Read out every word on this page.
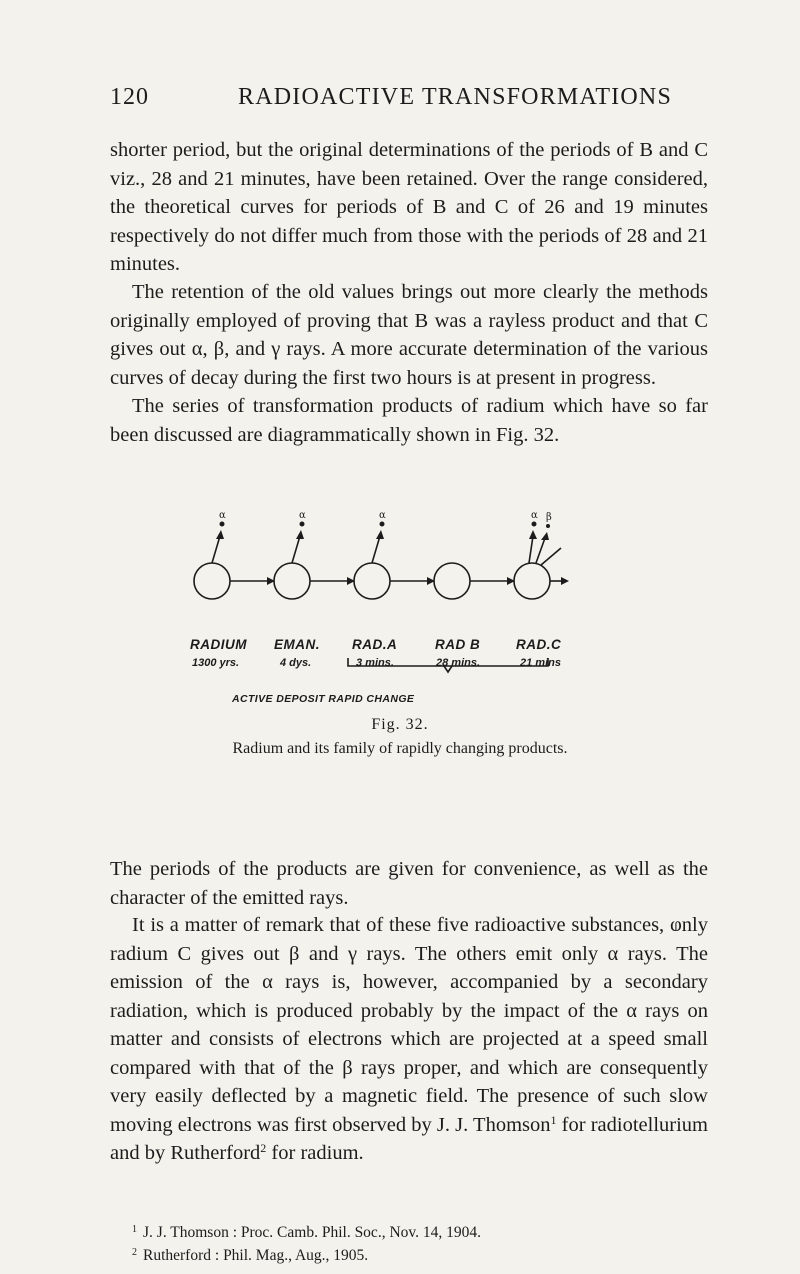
120	RADIOACTIVE TRANSFORMATIONS

shorter period, but the original determinations of the periods of B and C viz., 28 and 21 minutes, have been retained. Over the range considered, the theoretical curves for periods of B and C of 26 and 19 minutes respectively do not differ much from those with the periods of 28 and 21 minutes.

The retention of the old values brings out more clearly the methods originally employed of proving that B was a rayless product and that C gives out α, β, and γ rays. A more accurate determination of the various curves of decay during the first two hours is at present in progress.

The series of transformation products of radium which have so far been discussed are diagrammatically shown in Fig. 32.

α	α	α	α β
RADIUM EMAN. RAD.A	RAD B	RAD.C
1300 yrs.	4 dys.	3 mins.	28 mins.	21 mins
ACTIVE DEPOSIT RAPID CHANGE
Fig. 32.
Radium and its family of rapidly changing products.

The periods of the products are given for convenience, as well as the character of the emitted rays.

It is a matter of remark that of these five radioactive substances, ⱷnly radium C gives out β and γ rays. The others emit only α rays. The emission of the α rays is, however, accompanied by a secondary radiation, which is produced probably by the impact of the α rays on matter and consists of electrons which are projected at a speed small compared with that of the β rays proper, and which are consequently very easily deflected by a magnetic field. The presence of such slow moving electrons was first observed by J. J. Thomson$^1$ for radiotellurium and by Rutherford$^2$ for radium.

$^1$ J. J. Thomson : Proc. Camb. Phil. Soc., Nov. 14, 1904.
$^2$ Rutherford : Phil. Mag., Aug., 1905.
